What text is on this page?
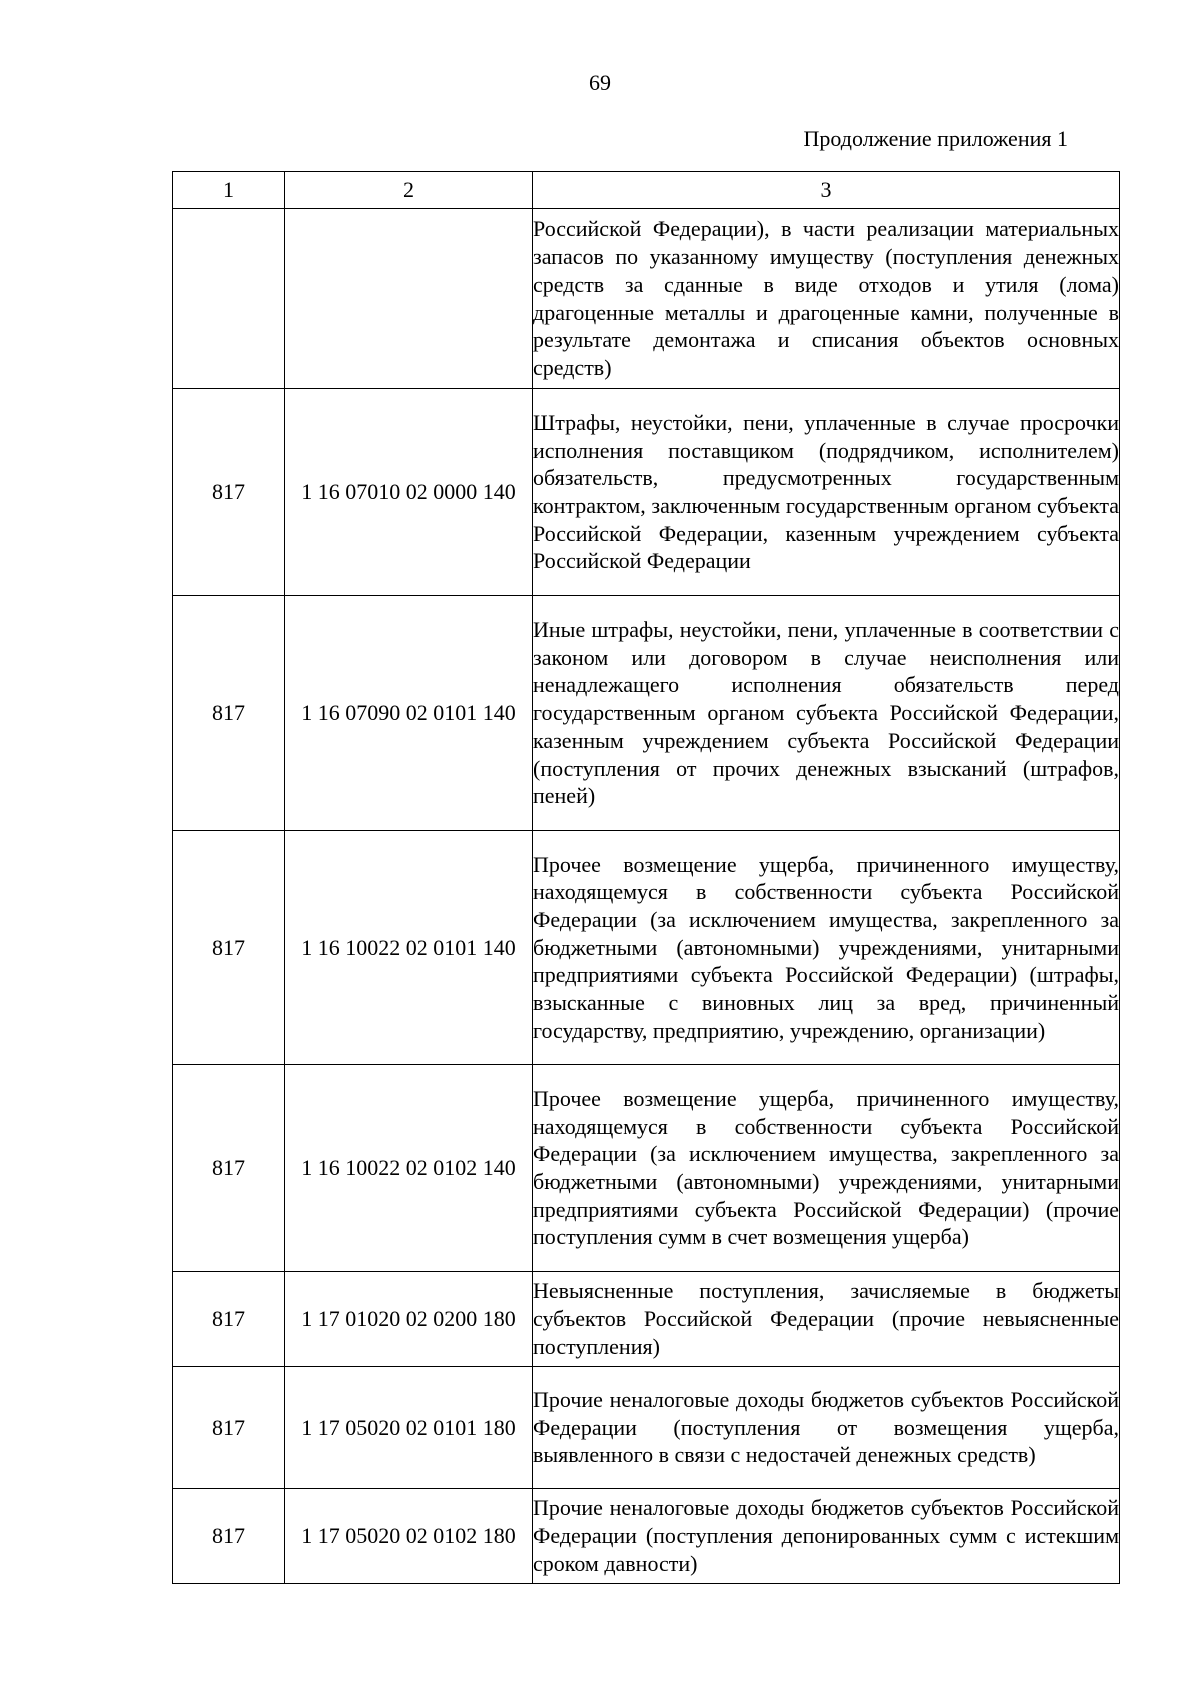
69
Продолжение приложения 1
1	2	3
		Российской Федерации), в части реализации материальных запасов по указанному имуществу (поступления денежных средств за сданные в виде отходов и утиля (лома) драгоценные металлы и драгоценные камни, полученные в результате демонтажа и списания объектов основных средств)
817	1 16 07010 02 0000 140	Штрафы, неустойки, пени, уплаченные в случае просрочки исполнения поставщиком (подрядчиком, исполнителем) обязательств, предусмотренных государственным контрактом, заключенным государственным органом субъекта Российской Федерации, казенным учреждением субъекта Российской Федерации
817	1 16 07090 02 0101 140	Иные штрафы, неустойки, пени, уплаченные в соответствии с законом или договором в случае неисполнения или ненадлежащего исполнения обязательств перед государственным органом субъекта Российской Федерации, казенным учреждением субъекта Российской Федерации (поступления от прочих денежных взысканий (штрафов, пеней)
817	1 16 10022 02 0101 140	Прочее возмещение ущерба, причиненного имуществу, находящемуся в собственности субъекта Российской Федерации (за исключением имущества, закрепленного за бюджетными (автономными) учреждениями, унитарными предприятиями субъекта Российской Федерации) (штрафы, взысканные с виновных лиц за вред, причиненный государству, предприятию, учреждению, организации)
817	1 16 10022 02 0102 140	Прочее возмещение ущерба, причиненного имуществу, находящемуся в собственности субъекта Российской Федерации (за исключением имущества, закрепленного за бюджетными (автономными) учреждениями, унитарными предприятиями субъекта Российской Федерации) (прочие поступления сумм в счет возмещения ущерба)
817	1 17 01020 02 0200 180	Невыясненные поступления, зачисляемые в бюджеты субъектов Российской Федерации (прочие невыясненные поступления)
817	1 17 05020 02 0101 180	Прочие неналоговые доходы бюджетов субъектов Российской Федерации (поступления от возмещения ущерба, выявленного в связи с недостачей денежных средств)
817	1 17 05020 02 0102 180	Прочие неналоговые доходы бюджетов субъектов Российской Федерации (поступления депонированных сумм с истекшим сроком давности)
